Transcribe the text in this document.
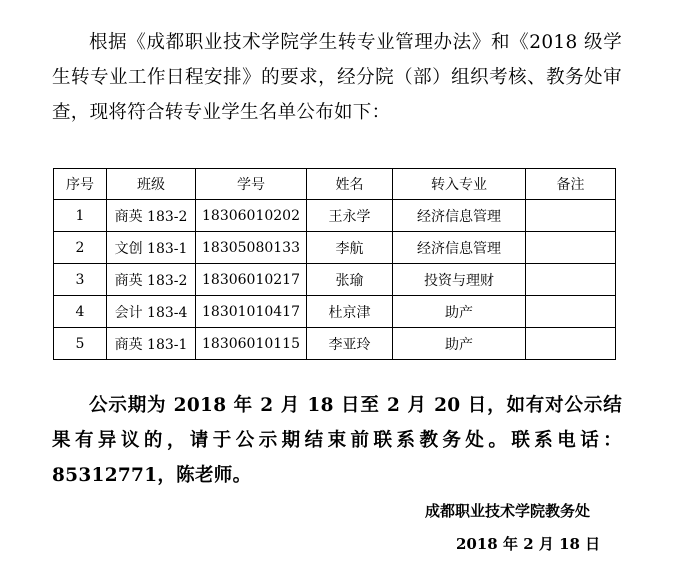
根据《成都职业技术学院学生转专业管理办法》和《2018 级学生转专业工作日程安排》的要求，经分院（部）组织考核、教务处审查，现将符合转专业学生名单公布如下：

序号	班级	学号	姓名	转入专业	备注
1	商英 183-2	18306010202	王永学	经济信息管理	
2	文创 183-1	18305080133	李航	经济信息管理	
3	商英 183-2	18306010217	张瑜	投资与理财	
4	会计 183-4	18301010417	杜京津	助产	
5	商英 183-1	18306010115	李亚玲	助产	

公示期为 2018 年 2 月 18 日至 2 月 20 日，如有对公示结果有异议的，请于公示期结束前联系教务处。联系电话：85312771，陈老师。

成都职业技术学院教务处
2018 年 2 月 18 日
